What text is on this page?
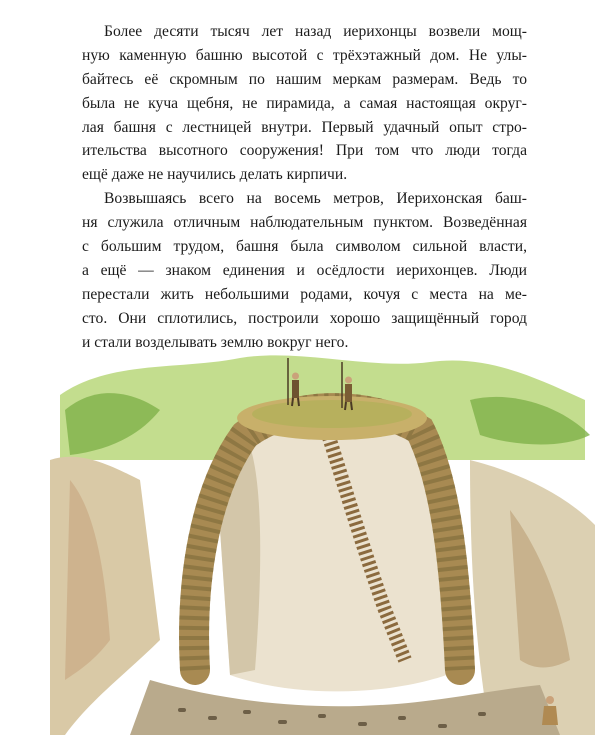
Более десяти тысяч лет назад иерихонцы возвели мощ-
ную каменную башню высотой с трёхэтажный дом. Не улы-
байтесь её скромным по нашим меркам размерам. Ведь то
была не куча щебня, не пирамида, а самая настоящая округ-
лая башня с лестницей внутри. Первый удачный опыт стро-
ительства высотного сооружения! При том что люди тогда
ещё даже не научились делать кирпичи.
Возвышаясь всего на восемь метров, Иерихонская баш-
ня служила отличным наблюдательным пунктом. Возведённая
с большим трудом, башня была символом сильной власти,
а ещё — знаком единения и осёдлости иерихонцев. Люди
перестали жить небольшими родами, кочуя с места на ме-
сто. Они сплотились, построили хорошо защищённый город
и стали возделывать землю вокруг него.
